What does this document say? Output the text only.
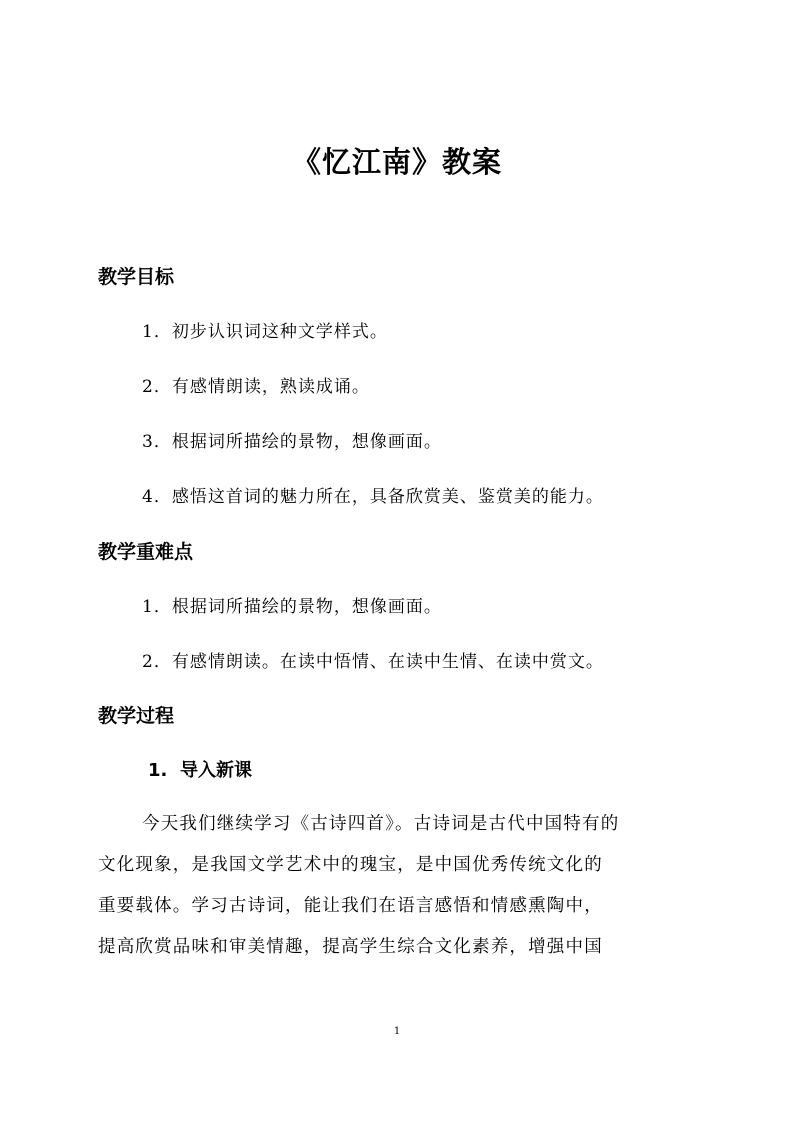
《忆江南》教案
教学目标
1．初步认识词这种文学样式。
2．有感情朗读，熟读成诵。
3．根据词所描绘的景物，想像画面。
4．感悟这首词的魅力所在，具备欣赏美、鉴赏美的能力。
教学重难点
1．根据词所描绘的景物，想像画面。
2．有感情朗读。在读中悟情、在读中生情、在读中赏文。
教学过程
1. 导入新课
今天我们继续学习《古诗四首》。古诗词是古代中国特有的
文化现象，是我国文学艺术中的瑰宝，是中国优秀传统文化的
重要载体。学习古诗词，能让我们在语言感悟和情感熏陶中，
提高欣赏品味和审美情趣，提高学生综合文化素养，增强中国
1
